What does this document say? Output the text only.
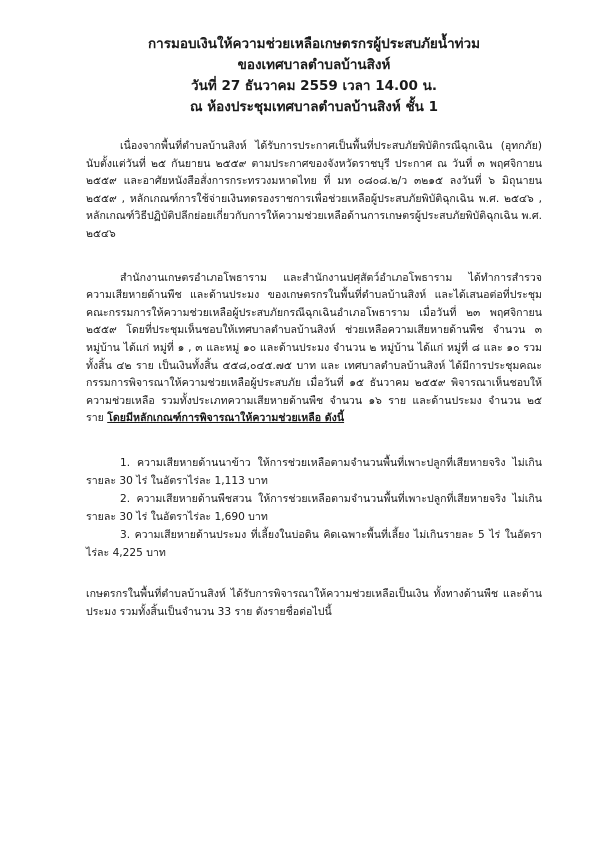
การมอบเงินให้ความช่วยเหลือเกษตรกรผู้ประสบภัยน้ำท่วม
ของเทศบาลตำบลบ้านสิงห์
วันที่ 27 ธันวาคม 2559 เวลา 14.00 น.
ณ ห้องประชุมเทศบาลตำบลบ้านสิงห์ ชั้น 1

เนื่องจากพื้นที่ตำบลบ้านสิงห์ ได้รับการประกาศเป็นพื้นที่ประสบภัยพิบัติกรณีฉุกเฉิน (อุทกภัย) นับตั้งแต่วันที่ ๒๕ กันยายน ๒๕๕๙ ตามประกาศของจังหวัดราชบุรี ประกาศ ณ วันที่ ๓ พฤศจิกายน ๒๕๕๙ และอาศัยหนังสือสั่งการกระทรวงมหาดไทย ที่ มท ๐๘๐๘.๒/ว ๓๒๑๕ ลงวันที่ ๖ มิถุนายน ๒๕๕๙ , หลักเกณฑ์การใช้จ่ายเงินทดรองราชการเพื่อช่วยเหลือผู้ประสบภัยพิบัติฉุกเฉิน พ.ศ. ๒๕๔๖ , หลักเกณฑ์วิธีปฏิบัติปลีกย่อยเกี่ยวกับการให้ความช่วยเหลือด้านการเกษตรผู้ประสบภัยพิบัติฉุกเฉิน พ.ศ. ๒๕๔๖

สำนักงานเกษตรอำเภอโพธาราม และสำนักงานปศุสัตว์อำเภอโพธาราม ได้ทำการสำรวจความเสียหายด้านพืช และด้านประมง ของเกษตรกรในพื้นที่ตำบลบ้านสิงห์ และได้เสนอต่อที่ประชุมคณะกรรมการให้ความช่วยเหลือผู้ประสบภัยกรณีฉุกเฉินอำเภอโพธาราม เมื่อวันที่ ๒๓ พฤศจิกายน ๒๕๕๙ โดยที่ประชุมเห็นชอบให้เทศบาลตำบลบ้านสิงห์ ช่วยเหลือความเสียหายด้านพืช จำนวน ๓ หมู่บ้าน ได้แก่ หมู่ที่ ๑ , ๓ และหมู่ ๑๐ และด้านประมง จำนวน ๒ หมู่บ้าน ได้แก่ หมู่ที่ ๘ และ ๑๐ รวมทั้งสิ้น ๔๒ ราย เป็นเงินทั้งสิ้น ๕๕๘,๐๔๕.๗๕ บาท และ เทศบาลตำบลบ้านสิงห์ ได้มีการประชุมคณะกรรมการพิจารณาให้ความช่วยเหลือผู้ประสบภัย เมื่อวันที่ ๑๕ ธันวาคม ๒๕๕๙ พิจารณาเห็นชอบให้ความช่วยเหลือ รวมทั้งประเภทความเสียหายด้านพืช จำนวน ๑๖ ราย และด้านประมง จำนวน ๒๕ ราย โดยมีหลักเกณฑ์การพิจารณาให้ความช่วยเหลือ ดังนี้

1. ความเสียหายด้านนาข้าว ให้การช่วยเหลือตามจำนวนพื้นที่เพาะปลูกที่เสียหายจริง ไม่เกินรายละ 30 ไร่ ในอัตราไร่ละ 1,113 บาท

2. ความเสียหายด้านพืชสวน ให้การช่วยเหลือตามจำนวนพื้นที่เพาะปลูกที่เสียหายจริง ไม่เกินรายละ 30 ไร่ ในอัตราไร่ละ 1,690 บาท

3. ความเสียหายด้านประมง ที่เลี้ยงในบ่อดิน คิดเฉพาะพื้นที่เลี้ยง ไม่เกินรายละ 5 ไร่ ในอัตราไร่ละ 4,225 บาท

เกษตรกรในพื้นที่ตำบลบ้านสิงห์ ได้รับการพิจารณาให้ความช่วยเหลือเป็นเงิน ทั้งทางด้านพืช และด้านประมง รวมทั้งสิ้นเป็นจำนวน 33 ราย ดังรายชื่อต่อไปนี้
